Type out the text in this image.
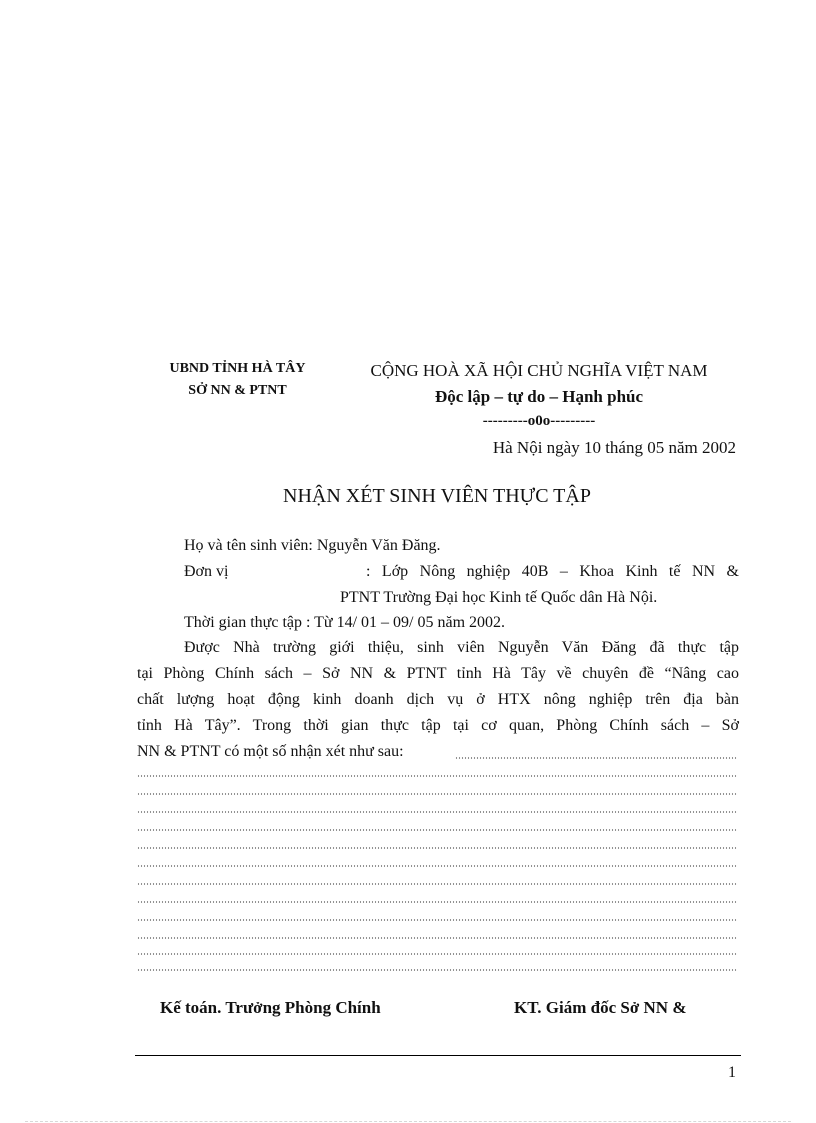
UBND TỈNH HÀ TÂY
SỞ NN & PTNT
CỘNG HOÀ XÃ HỘI CHỦ NGHĨA VIỆT NAM
Độc lập – tự do – Hạnh phúc
---------o0o---------
Hà Nội ngày 10 tháng 05 năm 2002
NHẬN XÉT SINH VIÊN THỰC TẬP
Họ và tên sinh viên: Nguyễn Văn Đăng.
Đơn vị	: Lớp Nông nghiệp 40B – Khoa Kinh tế NN &
PTNT Trường Đại học Kinh tế Quốc dân Hà Nội.
Thời gian thực tập : Từ 14/ 01 – 09/ 05 năm 2002.
Được Nhà trường giới thiệu, sinh viên Nguyễn Văn Đăng đã thực tập
tại Phòng Chính sách – Sở NN & PTNT tỉnh Hà Tây về chuyên đề “Nâng cao
chất lượng hoạt động kinh doanh dịch vụ ở HTX nông nghiệp trên địa bàn
tỉnh Hà Tây”. Trong thời gian thực tập tại cơ quan, Phòng Chính sách – Sở
NN & PTNT có một số nhận xét như sau:
Kế toán. Trưởng Phòng Chính	KT. Giám đốc Sở NN &
1
